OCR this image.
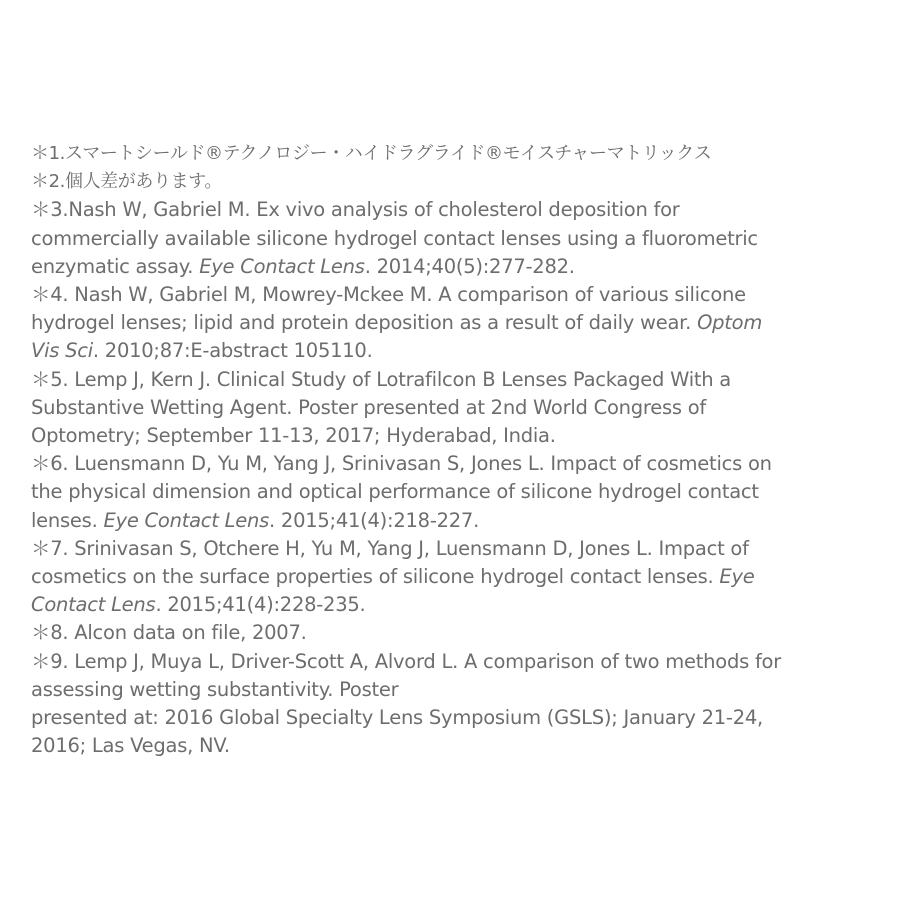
＊1.スマートシールド®テクノロジー・ハイドラグライド®モイスチャーマトリックス
＊2.個人差があります。
＊3.Nash W, Gabriel M. Ex vivo analysis of cholesterol deposition for
commercially available silicone hydrogel contact lenses using a fluorometric
enzymatic assay. Eye Contact Lens. 2014;40(5):277-282.
＊4. Nash W, Gabriel M, Mowrey-Mckee M. A comparison of various silicone
hydrogel lenses; lipid and protein deposition as a result of daily wear. Optom
Vis Sci. 2010;87:E-abstract 105110.
＊5. Lemp J, Kern J. Clinical Study of Lotrafilcon B Lenses Packaged With a
Substantive Wetting Agent. Poster presented at 2nd World Congress of
Optometry; September 11-13, 2017; Hyderabad, India.
＊6. Luensmann D, Yu M, Yang J, Srinivasan S, Jones L. Impact of cosmetics on
the physical dimension and optical performance of silicone hydrogel contact
lenses. Eye Contact Lens. 2015;41(4):218-227.
＊7. Srinivasan S, Otchere H, Yu M, Yang J, Luensmann D, Jones L. Impact of
cosmetics on the surface properties of silicone hydrogel contact lenses. Eye
Contact Lens. 2015;41(4):228-235.
＊8. Alcon data on file, 2007.
＊9. Lemp J, Muya L, Driver-Scott A, Alvord L. A comparison of two methods for
assessing wetting substantivity. Poster
presented at: 2016 Global Specialty Lens Symposium (GSLS); January 21-24,
2016; Las Vegas, NV.
